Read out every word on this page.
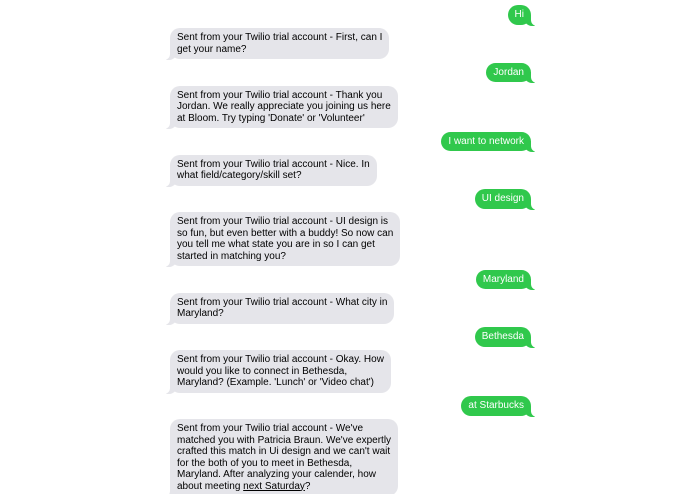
Hi
Sent from your Twilio trial account - First, can I
get your name?
Jordan
Sent from your Twilio trial account - Thank you
Jordan. We really appreciate you joining us here
at Bloom. Try typing 'Donate' or 'Volunteer'
I want to network
Sent from your Twilio trial account - Nice. In
what field/category/skill set?
UI design
Sent from your Twilio trial account - UI design is
so fun, but even better with a buddy! So now can
you tell me what state you are in so I can get
started in matching you?
Maryland
Sent from your Twilio trial account - What city in
Maryland?
Bethesda
Sent from your Twilio trial account - Okay. How
would you like to connect in Bethesda,
Maryland? (Example. 'Lunch' or 'Video chat')
at Starbucks
Sent from your Twilio trial account - We've
matched you with Patricia Braun. We've expertly
crafted this match in Ui design and we can't wait
for the both of you to meet in Bethesda,
Maryland. After analyzing your calender, how
about meeting next Saturday?
